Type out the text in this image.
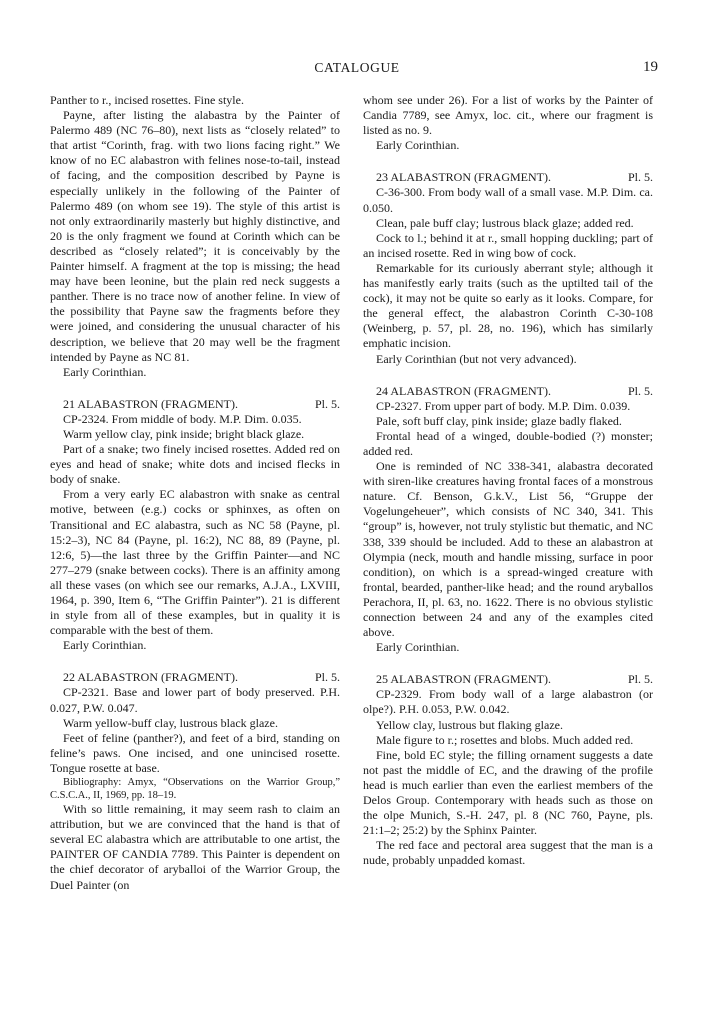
CATALOGUE	19

Panther to r., incised rosettes. Fine style.

Payne, after listing the alabastra by the Painter of Palermo 489 (NC 76–80), next lists as “closely related” to that artist “Corinth, frag. with two lions facing right.” We know of no EC alabastron with felines nose-to-tail, instead of facing, and the composition described by Payne is especially unlikely in the following of the Painter of Palermo 489 (on whom see 19). The style of this artist is not only extraordinarily masterly but highly distinctive, and 20 is the only fragment we found at Corinth which can be described as “closely related”; it is conceivably by the Painter himself. A fragment at the top is missing; the head may have been leonine, but the plain red neck suggests a panther. There is no trace now of another feline. In view of the possibility that Payne saw the fragments before they were joined, and considering the unusual character of his description, we believe that 20 may well be the fragment intended by Payne as NC 81.

Early Corinthian.

21 ALABASTRON (FRAGMENT).	Pl. 5.

CP-2324. From middle of body. M.P. Dim. 0.035.

Warm yellow clay, pink inside; bright black glaze.

Part of a snake; two finely incised rosettes. Added red on eyes and head of snake; white dots and incised flecks in body of snake.

From a very early EC alabastron with snake as central motive, between (e.g.) cocks or sphinxes, as often on Transitional and EC alabastra, such as NC 58 (Payne, pl. 15:2–3), NC 84 (Payne, pl. 16:2), NC 88, 89 (Payne, pl. 12:6, 5)—the last three by the Griffin Painter—and NC 277–279 (snake between cocks). There is an affinity among all these vases (on which see our remarks, A.J.A., LXVIII, 1964, p. 390, Item 6, “The Griffin Painter”). 21 is different in style from all of these examples, but in quality it is comparable with the best of them.

Early Corinthian.

22 ALABASTRON (FRAGMENT).	Pl. 5.

CP-2321. Base and lower part of body preserved. P.H. 0.027, P.W. 0.047.

Warm yellow-buff clay, lustrous black glaze.

Feet of feline (panther?), and feet of a bird, standing on feline’s paws. One incised, and one unincised rosette. Tongue rosette at base.

Bibliography: Amyx, “Observations on the Warrior Group,” C.S.C.A., II, 1969, pp. 18–19.

With so little remaining, it may seem rash to claim an attribution, but we are convinced that the hand is that of several EC alabastra which are attributable to one artist, the PAINTER OF CANDIA 7789. This Painter is dependent on the chief decorator of aryballoi of the Warrior Group, the Duel Painter (on

whom see under 26). For a list of works by the Painter of Candia 7789, see Amyx, loc. cit., where our fragment is listed as no. 9.

Early Corinthian.

23 ALABASTRON (FRAGMENT).	Pl. 5.

C-36-300. From body wall of a small vase. M.P. Dim. ca. 0.050.

Clean, pale buff clay; lustrous black glaze; added red.

Cock to l.; behind it at r., small hopping duckling; part of an incised rosette. Red in wing bow of cock.

Remarkable for its curiously aberrant style; although it has manifestly early traits (such as the uptilted tail of the cock), it may not be quite so early as it looks. Compare, for the general effect, the alabastron Corinth C-30-108 (Weinberg, p. 57, pl. 28, no. 196), which has similarly emphatic incision.

Early Corinthian (but not very advanced).

24 ALABASTRON (FRAGMENT).	Pl. 5.

CP-2327. From upper part of body. M.P. Dim. 0.039.

Pale, soft buff clay, pink inside; glaze badly flaked.

Frontal head of a winged, double-bodied (?) monster; added red.

One is reminded of NC 338-341, alabastra decorated with siren-like creatures having frontal faces of a monstrous nature. Cf. Benson, G.k.V., List 56, “Gruppe der Vogelungeheuer”, which consists of NC 340, 341. This “group” is, however, not truly stylistic but thematic, and NC 338, 339 should be included. Add to these an alabastron at Olympia (neck, mouth and handle missing, surface in poor condition), on which is a spread-winged creature with frontal, bearded, panther-like head; and the round aryballos Perachora, II, pl. 63, no. 1622. There is no obvious stylistic connection between 24 and any of the examples cited above.

Early Corinthian.

25 ALABASTRON (FRAGMENT).	Pl. 5.

CP-2329. From body wall of a large alabastron (or olpe?). P.H. 0.053, P.W. 0.042.

Yellow clay, lustrous but flaking glaze.

Male figure to r.; rosettes and blobs. Much added red.

Fine, bold EC style; the filling ornament suggests a date not past the middle of EC, and the drawing of the profile head is much earlier than even the earliest members of the Delos Group. Contemporary with heads such as those on the olpe Munich, S.-H. 247, pl. 8 (NC 760, Payne, pls. 21:1–2; 25:2) by the Sphinx Painter.

The red face and pectoral area suggest that the man is a nude, probably unpadded komast.
